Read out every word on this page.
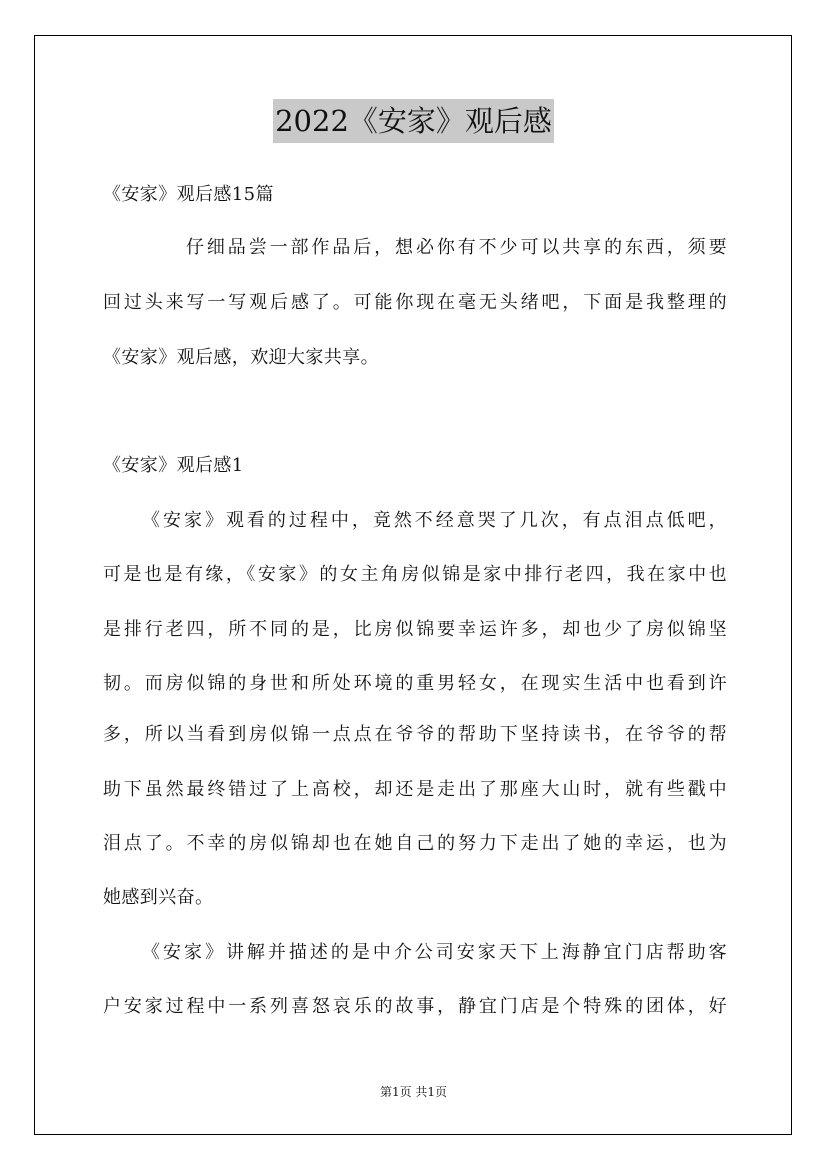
2022《安家》观后感
《安家》观后感15篇
仔细品尝一部作品后，想必你有不少可以共享的东西，须要
回过头来写一写观后感了。可能你现在毫无头绪吧，下面是我整理的
《安家》观后感，欢迎大家共享。
《安家》观后感1
《安家》观看的过程中，竟然不经意哭了几次，有点泪点低吧，
可是也是有缘，《安家》的女主角房似锦是家中排行老四，我在家中也
是排行老四，所不同的是，比房似锦要幸运许多，却也少了房似锦坚
韧。而房似锦的身世和所处环境的重男轻女，在现实生活中也看到许
多，所以当看到房似锦一点点在爷爷的帮助下坚持读书，在爷爷的帮
助下虽然最终错过了上高校，却还是走出了那座大山时，就有些戳中
泪点了。不幸的房似锦却也在她自己的努力下走出了她的幸运，也为
她感到兴奋。
《安家》讲解并描述的是中介公司安家天下上海静宜门店帮助客
户安家过程中一系列喜怒哀乐的故事，静宜门店是个特殊的团体，好
第1页 共1页
